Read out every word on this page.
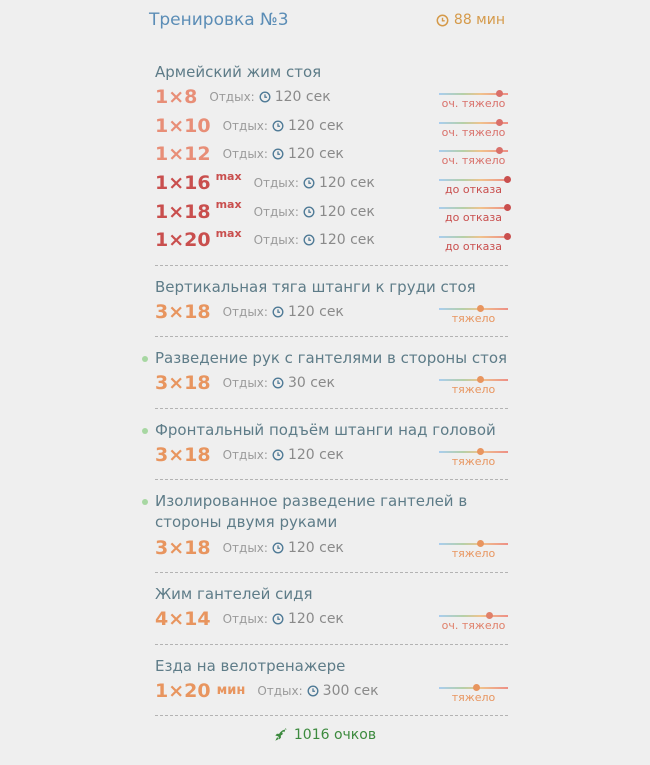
Тренировка №3	88 мин
Армейский жим стоя
1×8 Отдых: 120 сек	оч. тяжело
1×10 Отдых: 120 сек	оч. тяжело
1×12 Отдых: 120 сек	оч. тяжело
1×16 max Отдых: 120 сек	до отказа
1×18 max Отдых: 120 сек	до отказа
1×20 max Отдых: 120 сек	до отказа
Вертикальная тяга штанги к груди стоя
3×18 Отдых: 120 сек	тяжело
Разведение рук с гантелями в стороны стоя
3×18 Отдых: 30 сек	тяжело
Фронтальный подъём штанги над головой
3×18 Отдых: 120 сек	тяжело
Изолированное разведение гантелей в стороны двумя руками
3×18 Отдых: 120 сек	тяжело
Жим гантелей сидя
4×14 Отдых: 120 сек	оч. тяжело
Езда на велотренажере
1×20 мин Отдых: 300 сек	тяжело
1016 очков
